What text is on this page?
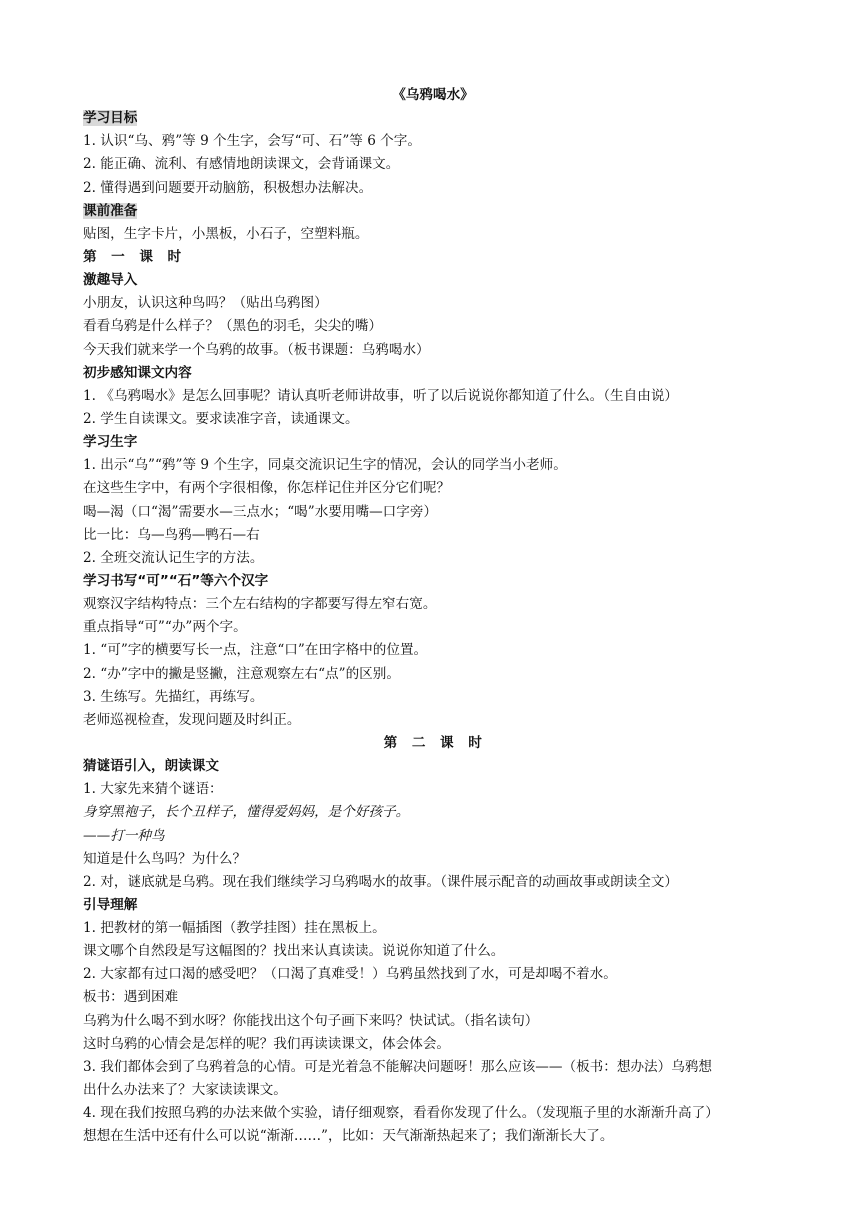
《乌鸦喝水》
学习目标
1. 认识“乌、鸦”等 9 个生字，会写“可、石”等 6 个字。
2. 能正确、流利、有感情地朗读课文，会背诵课文。
2. 懂得遇到问题要开动脑筋，积极想办法解决。
课前准备
贴图，生字卡片，小黑板，小石子，空塑料瓶。
第　一　课　时
激趣导入
小朋友，认识这种鸟吗？（贴出乌鸦图）
看看乌鸦是什么样子？（黑色的羽毛，尖尖的嘴）
今天我们就来学一个乌鸦的故事。（板书课题：乌鸦喝水）
初步感知课文内容
1. 《乌鸦喝水》是怎么回事呢？请认真听老师讲故事，听了以后说说你都知道了什么。（生自由说）
2. 学生自读课文。要求读准字音，读通课文。
学习生字
1. 出示“乌”“鸦”等 9 个生字，同桌交流识记生字的情况，会认的同学当小老师。
在这些生字中，有两个字很相像，你怎样记住并区分它们呢？
喝—渴（口“渴”需要水—三点水；“喝”水要用嘴—口字旁）
比一比：乌—鸟鸦—鸭石—右
2. 全班交流认记生字的方法。
学习书写“可”“石”等六个汉字
观察汉字结构特点：三个左右结构的字都要写得左窄右宽。
重点指导“可”“办”两个字。
1. “可”字的横要写长一点，注意“口”在田字格中的位置。
2. “办”字中的撇是竖撇，注意观察左右“点”的区别。
3. 生练写。先描红，再练写。
老师巡视检查，发现问题及时纠正。
第　二　课　时
猜谜语引入，朗读课文
1. 大家先来猜个谜语：
身穿黑袍子，长个丑样子，懂得爱妈妈，是个好孩子。
——打一种鸟
知道是什么鸟吗？为什么？
2. 对，谜底就是乌鸦。现在我们继续学习乌鸦喝水的故事。（课件展示配音的动画故事或朗读全文）
引导理解
1. 把教材的第一幅插图（教学挂图）挂在黑板上。
课文哪个自然段是写这幅图的？找出来认真读读。说说你知道了什么。
2. 大家都有过口渴的感受吧？（口渴了真难受！）乌鸦虽然找到了水，可是却喝不着水。
板书：遇到困难
乌鸦为什么喝不到水呀？你能找出这个句子画下来吗？快试试。（指名读句）
这时乌鸦的心情会是怎样的呢？我们再读读课文，体会体会。
3. 我们都体会到了乌鸦着急的心情。可是光着急不能解决问题呀！那么应该——（板书：想办法）乌鸦想
出什么办法来了？大家读读课文。
4. 现在我们按照乌鸦的办法来做个实验，请仔细观察，看看你发现了什么。（发现瓶子里的水渐渐升高了）
想想在生活中还有什么可以说“渐渐……”，比如：天气渐渐热起来了；我们渐渐长大了。
